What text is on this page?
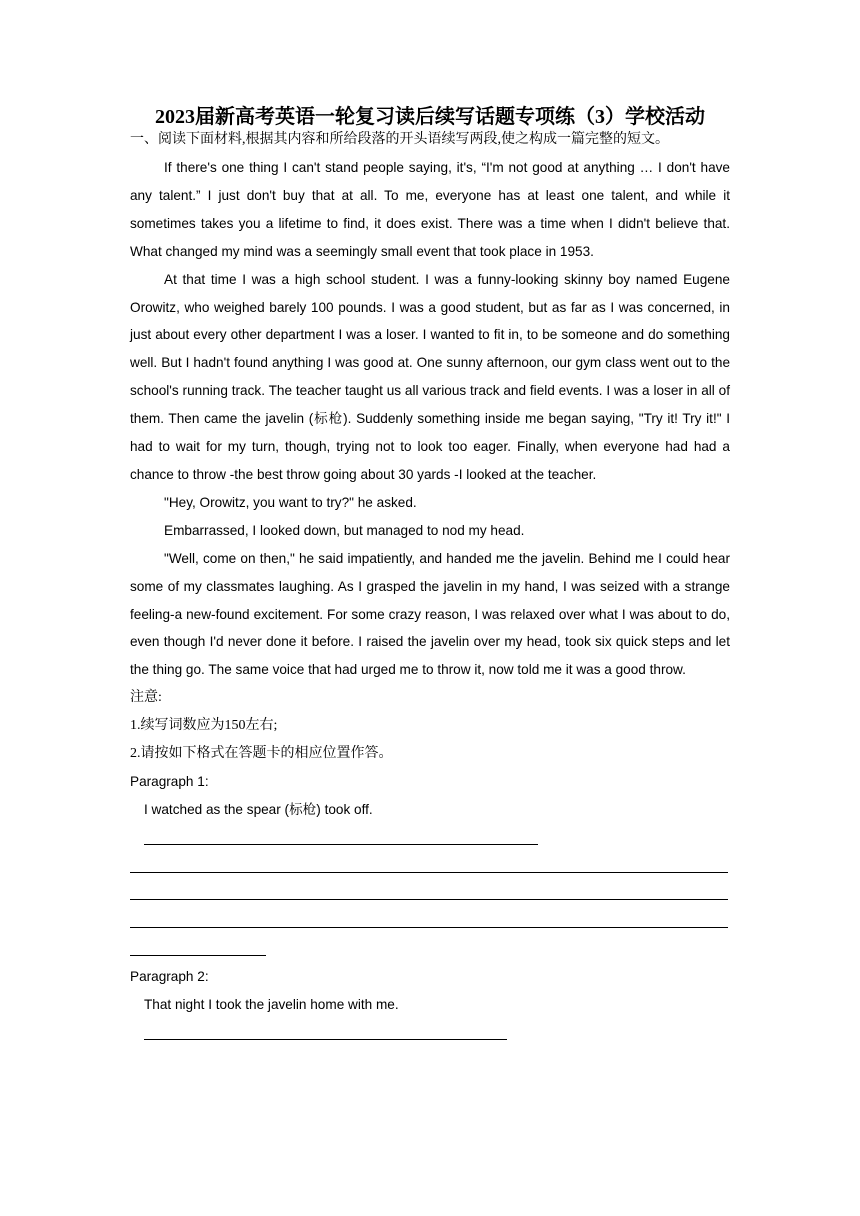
2023届新高考英语一轮复习读后续写话题专项练（3）学校活动

一、阅读下面材料,根据其内容和所给段落的开头语续写两段,使之构成一篇完整的短文。

If there's one thing I can't stand people saying, it's, “I'm not good at anything … I don't have any talent.” I just don't buy that at all. To me, everyone has at least one talent, and while it sometimes takes you a lifetime to find, it does exist. There was a time when I didn't believe that. What changed my mind was a seemingly small event that took place in 1953.

At that time I was a high school student. I was a funny-looking skinny boy named Eugene Orowitz, who weighed barely 100 pounds. I was a good student, but as far as I was concerned, in just about every other department I was a loser. I wanted to fit in, to be someone and do something well. But I hadn't found anything I was good at. One sunny afternoon, our gym class went out to the school's running track. The teacher taught us all various track and field events. I was a loser in all of them. Then came the javelin (标枪). Suddenly something inside me began saying, "Try it! Try it!" I had to wait for my turn, though, trying not to look too eager. Finally, when everyone had had a chance to throw -the best throw going about 30 yards -I looked at the teacher.

"Hey, Orowitz, you want to try?" he asked.

Embarrassed, I looked down, but managed to nod my head.

"Well, come on then," he said impatiently, and handed me the javelin. Behind me I could hear some of my classmates laughing. As I grasped the javelin in my hand, I was seized with a strange feeling-a new-found excitement. For some crazy reason, I was relaxed over what I was about to do, even though I'd never done it before. I raised the javelin over my head, took six quick steps and let the thing go. The same voice that had urged me to throw it, now told me it was a good throw.

注意:

1.续写词数应为150左右;

2.请按如下格式在答题卡的相应位置作答。

Paragraph 1:

I watched as the spear (标枪) took off.

Paragraph 2:

That night I took the javelin home with me.
